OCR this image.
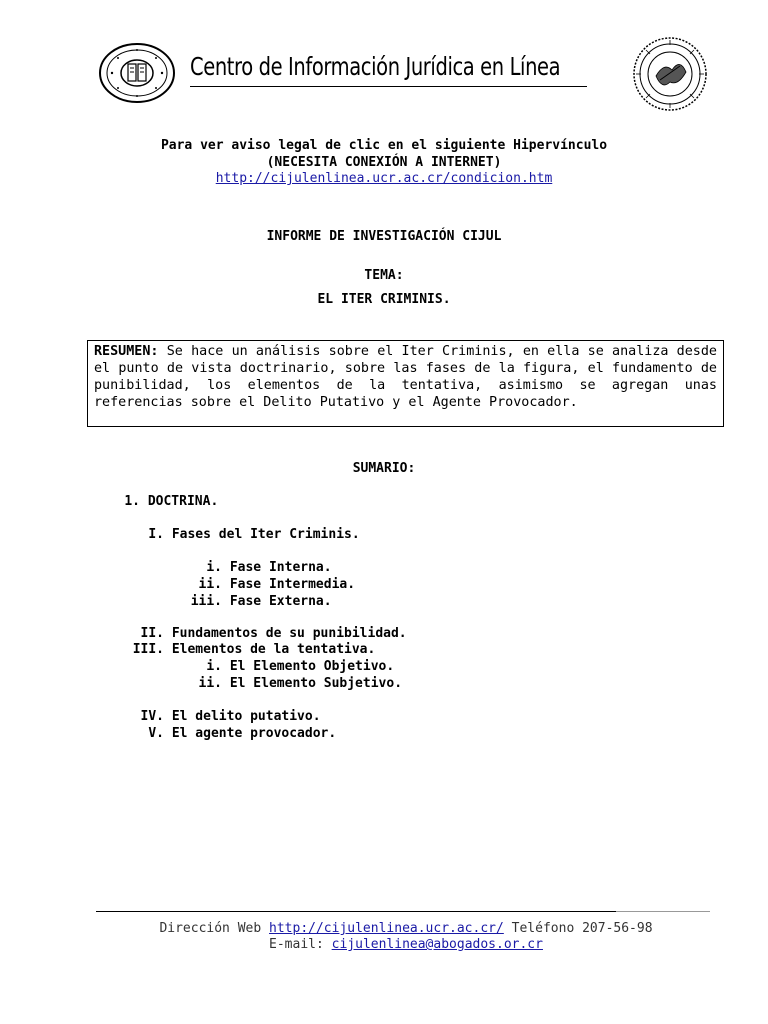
Centro de Información Jurídica en Línea
Para ver aviso legal de clic en el siguiente Hipervínculo
(NECESITA CONEXIÓN A INTERNET)
http://cijulenlinea.ucr.ac.cr/condicion.htm
INFORME DE INVESTIGACIÓN CIJUL
TEMA:
EL ITER CRIMINIS.
RESUMEN: Se hace un análisis sobre el Iter Criminis, en ella se analiza desde el punto de vista doctrinario, sobre las fases de la figura, el fundamento de punibilidad, los elementos de la tentativa, asimismo se agregan unas referencias sobre el Delito Putativo y el Agente Provocador.
SUMARIO:
1. DOCTRINA.
I. Fases del Iter Criminis.
i. Fase Interna.
ii. Fase Intermedia.
iii. Fase Externa.
II. Fundamentos de su punibilidad.
III. Elementos de la tentativa.
i. El Elemento Objetivo.
ii. El Elemento Subjetivo.
IV. El delito putativo.
V. El agente provocador.
Dirección Web http://cijulenlinea.ucr.ac.cr/ Teléfono 207-56-98
E-mail: cijulenlinea@abogados.or.cr
